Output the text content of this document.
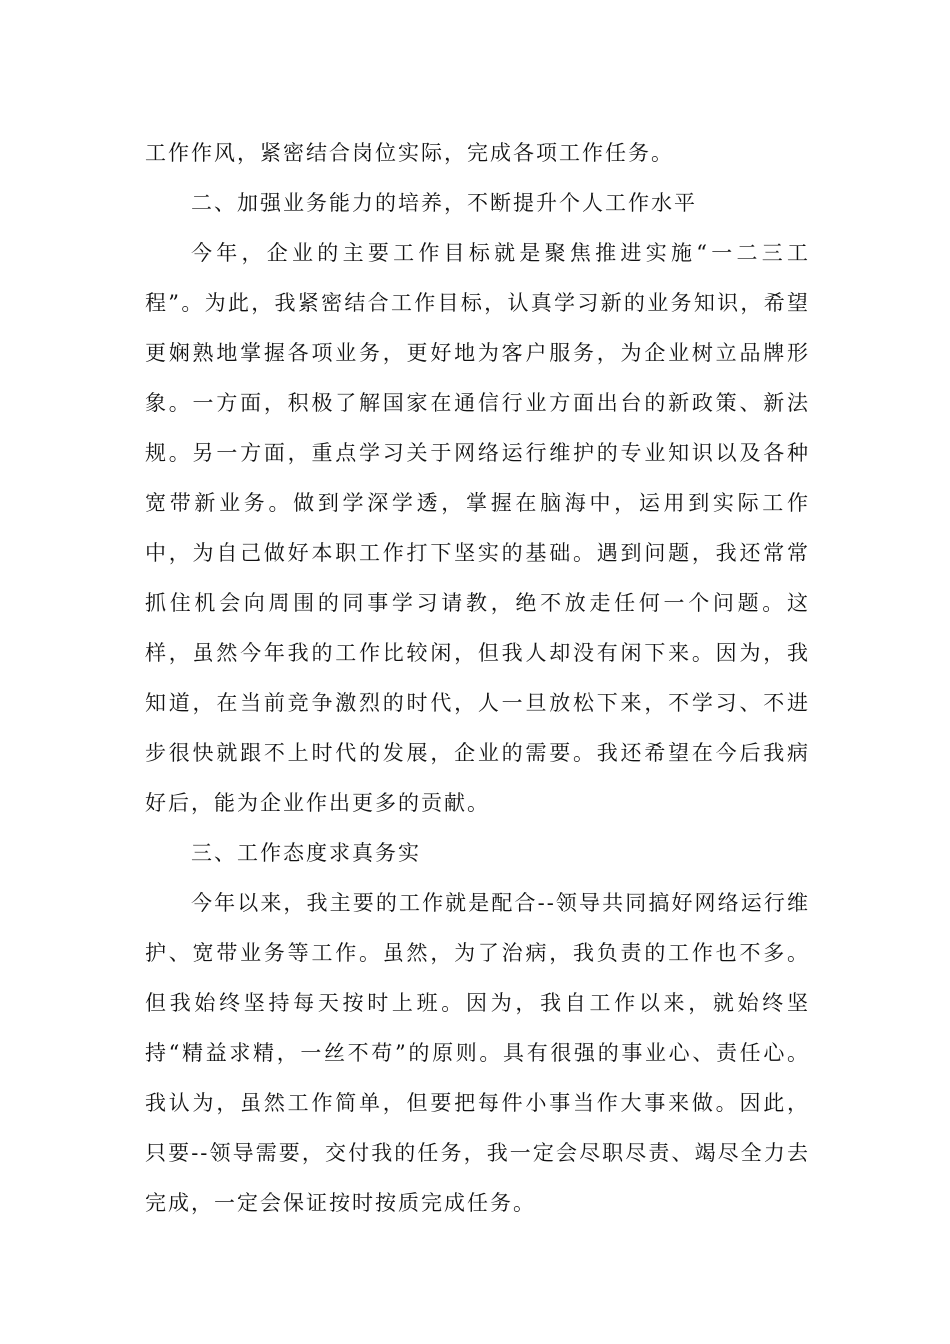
工作作风，紧密结合岗位实际，完成各项工作任务。

二、加强业务能力的培养，不断提升个人工作水平

今年，企业的主要工作目标就是聚焦推进实施“一二三工程”。为此，我紧密结合工作目标，认真学习新的业务知识，希望更娴熟地掌握各项业务，更好地为客户服务，为企业树立品牌形象。一方面，积极了解国家在通信行业方面出台的新政策、新法规。另一方面，重点学习关于网络运行维护的专业知识以及各种宽带新业务。做到学深学透，掌握在脑海中，运用到实际工作中，为自己做好本职工作打下坚实的基础。遇到问题，我还常常抓住机会向周围的同事学习请教，绝不放走任何一个问题。这样，虽然今年我的工作比较闲，但我人却没有闲下来。因为，我知道，在当前竞争激烈的时代，人一旦放松下来，不学习、不进步很快就跟不上时代的发展，企业的需要。我还希望在今后我病好后，能为企业作出更多的贡献。

三、工作态度求真务实

今年以来，我主要的工作就是配合--领导共同搞好网络运行维护、宽带业务等工作。虽然，为了治病，我负责的工作也不多。但我始终坚持每天按时上班。因为，我自工作以来，就始终坚持“精益求精，一丝不苟”的原则。具有很强的事业心、责任心。我认为，虽然工作简单，但要把每件小事当作大事来做。因此，只要--领导需要，交付我的任务，我一定会尽职尽责、竭尽全力去完成，一定会保证按时按质完成任务。
